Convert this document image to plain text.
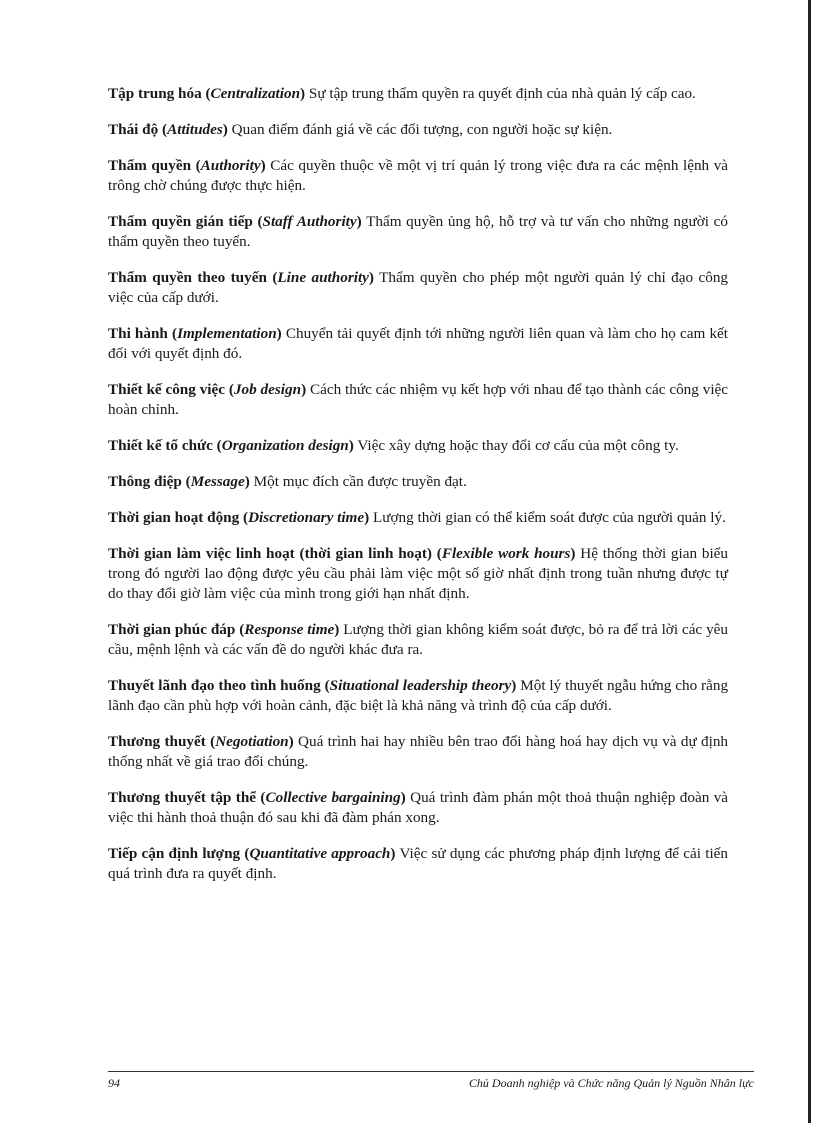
Tập trung hóa (Centralization) Sự tập trung thẩm quyền ra quyết định của nhà quản lý cấp cao.

Thái độ (Attitudes) Quan điểm đánh giá về các đối tượng, con người hoặc sự kiện.

Thẩm quyền (Authority) Các quyền thuộc về một vị trí quản lý trong việc đưa ra các mệnh lệnh và trông chờ chúng được thực hiện.

Thẩm quyền gián tiếp (Staff Authority) Thẩm quyền ủng hộ, hỗ trợ và tư vấn cho những người có thẩm quyền theo tuyến.

Thẩm quyền theo tuyến (Line authority) Thẩm quyền cho phép một người quản lý chỉ đạo công việc của cấp dưới.

Thi hành (Implementation) Chuyển tải quyết định tới những người liên quan và làm cho họ cam kết đối với quyết định đó.

Thiết kế công việc (Job design) Cách thức các nhiệm vụ kết hợp với nhau để tạo thành các công việc hoàn chỉnh.

Thiết kế tổ chức (Organization design) Việc xây dựng hoặc thay đổi cơ cấu của một công ty.

Thông điệp (Message) Một mục đích cần được truyền đạt.

Thời gian hoạt động (Discretionary time) Lượng thời gian có thể kiểm soát được của người quản lý.

Thời gian làm việc linh hoạt (thời gian linh hoạt) (Flexible work hours) Hệ thống thời gian biểu trong đó người lao động được yêu cầu phải làm việc một số giờ nhất định trong tuần nhưng được tự do thay đổi giờ làm việc của mình trong giới hạn nhất định.

Thời gian phúc đáp (Response time) Lượng thời gian không kiểm soát được, bỏ ra để trả lời các yêu cầu, mệnh lệnh và các vấn đề do người khác đưa ra.

Thuyết lãnh đạo theo tình huống (Situational leadership theory) Một lý thuyết ngẫu hứng cho rằng lãnh đạo cần phù hợp với hoàn cảnh, đặc biệt là khả năng và trình độ của cấp dưới.

Thương thuyết (Negotiation) Quá trình hai hay nhiều bên trao đổi hàng hoá hay dịch vụ và dự định thống nhất về giá trao đổi chúng.

Thương thuyết tập thể (Collective bargaining) Quá trình đàm phán một thoả thuận nghiệp đoàn và việc thi hành thoả thuận đó sau khi đã đàm phán xong.

Tiếp cận định lượng (Quantitative approach) Việc sử dụng các phương pháp định lượng để cải tiến quá trình đưa ra quyết định.

94	Chủ Doanh nghiệp và Chức năng Quản lý Nguồn Nhân lực
